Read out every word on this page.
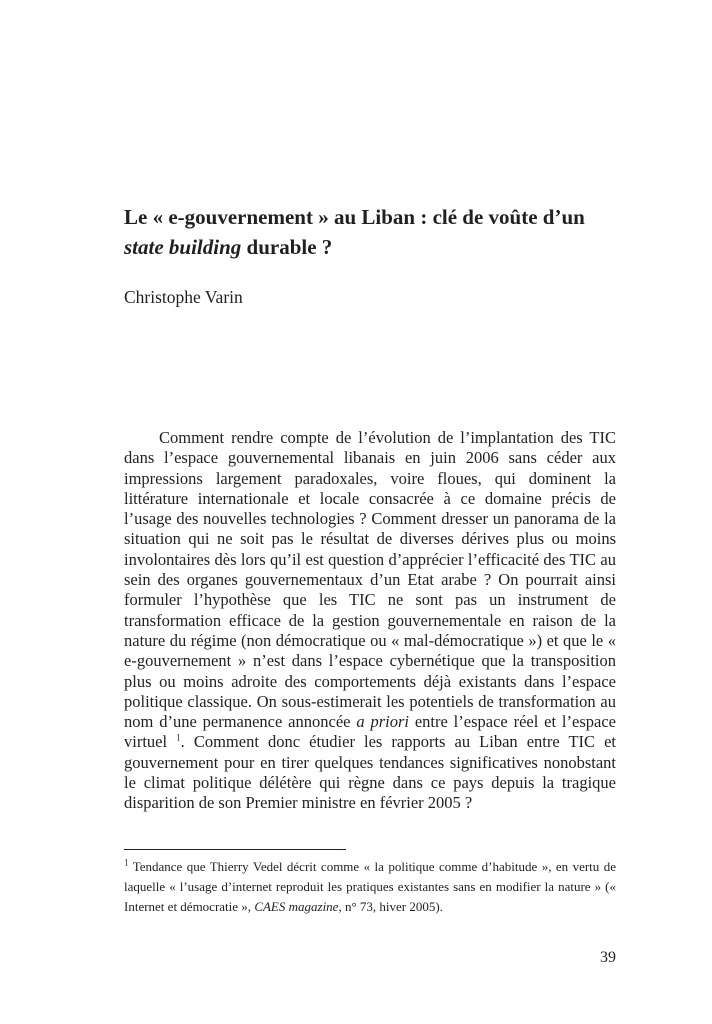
Le « e-gouvernement » au Liban : clé de voûte d’un
state building durable ?

Christophe Varin

Comment rendre compte de l’évolution de l’implantation des TIC dans l’espace gouvernemental libanais en juin 2006 sans céder aux impressions largement paradoxales, voire floues, qui dominent la littérature internationale et locale consacrée à ce domaine précis de l’usage des nouvelles technologies ? Comment dresser un panorama de la situation qui ne soit pas le résultat de diverses dérives plus ou moins involontaires dès lors qu’il est question d’apprécier l’efficacité des TIC au sein des organes gouvernementaux d’un Etat arabe ? On pourrait ainsi formuler l’hypothèse que les TIC ne sont pas un instrument de transformation efficace de la gestion gouvernementale en raison de la nature du régime (non démocratique ou « mal-démocratique ») et que le « e-gouvernement » n’est dans l’espace cybernétique que la transposition plus ou moins adroite des comportements déjà existants dans l’espace politique classique. On sous-estimerait les potentiels de transformation au nom d’une permanence annoncée a priori entre l’espace réel et l’espace virtuel $^1$. Comment donc étudier les rapports au Liban entre TIC et gouvernement pour en tirer quelques tendances significatives nonobstant le climat politique délétère qui règne dans ce pays depuis la tragique disparition de son Premier ministre en février 2005 ?

$^1$ Tendance que Thierry Vedel décrit comme « la politique comme d’habitude », en vertu de laquelle « l’usage d’internet reproduit les pratiques existantes sans en modifier la nature » (« Internet et démocratie », CAES magazine, n° 73, hiver 2005).

39
